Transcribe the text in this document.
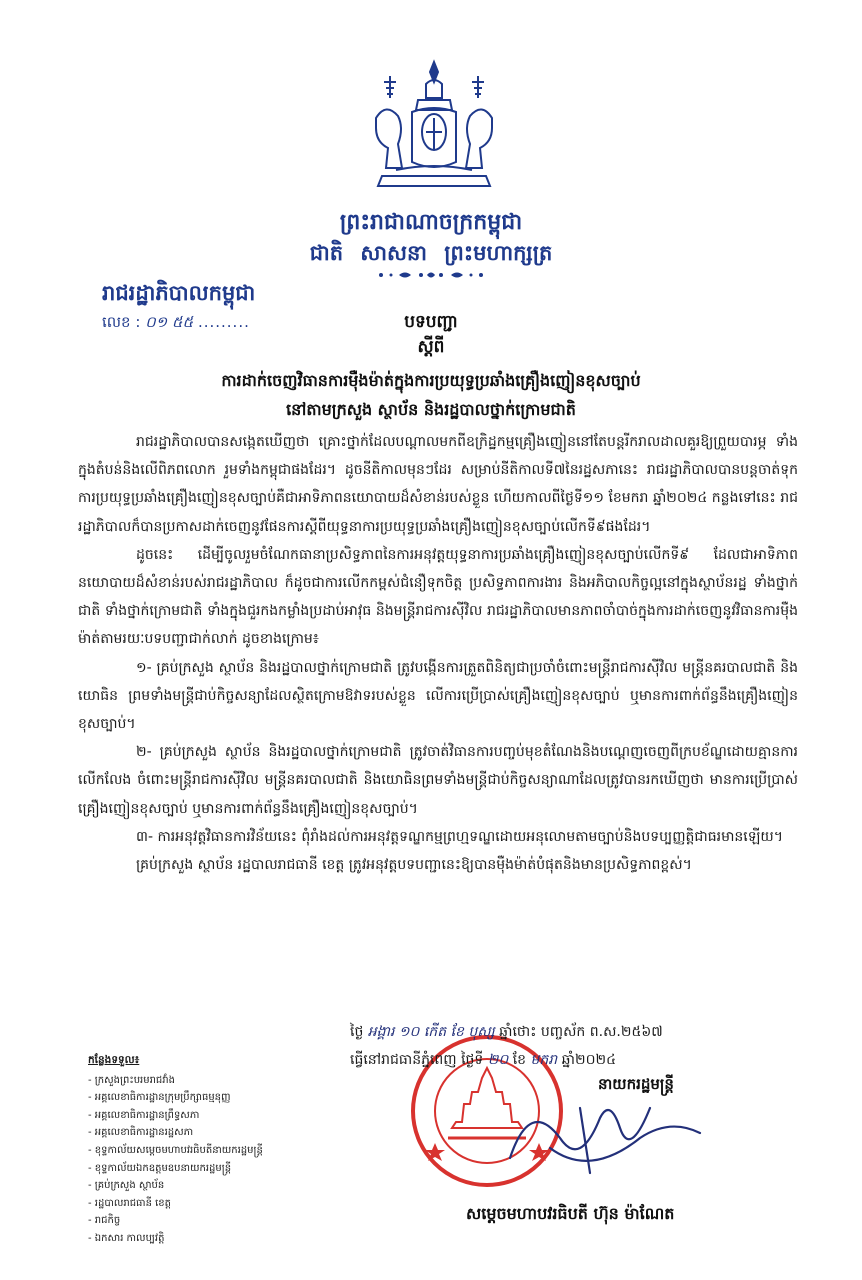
ព្រះរាជាណាចក្រកម្ពុជា
ជាតិ សាសនា ព្រះមហាក្សត្រ
រាជរដ្ឋាភិបាលកម្ពុជា
លេខ : ០១ ៥៥ .........	បទបញ្ជា
ស្តីពី
ការដាក់ចេញវិធានការម៉ឺងម៉ាត់ក្នុងការប្រយុទ្ធប្រឆាំងគ្រឿងញៀនខុសច្បាប់
នៅតាមក្រសួង ស្ថាប័ន និងរដ្ឋបាលថ្នាក់ក្រោមជាតិ

រាជរដ្ឋាភិបាលបានសង្កេតឃើញថា គ្រោះថ្នាក់ដែលបណ្តាលមកពីឧក្រិដ្ឋកម្មគ្រឿងញៀននៅតែបន្តរីករាលដាលគួរឱ្យព្រួយបារម្ភ ទាំងក្នុងតំបន់និងលើពិភពលោក រួមទាំងកម្ពុជាផងដែរ។ ដូចនីតិកាលមុនៗដែរ សម្រាប់នីតិកាលទី៧នៃរដ្ឋសភានេះ រាជរដ្ឋាភិបាលបានបន្តចាត់ទុកការប្រយុទ្ធប្រឆាំងគ្រឿងញៀនខុសច្បាប់គឺជាអាទិភាពនយោបាយដ៏សំខាន់របស់ខ្លួន ហើយកាលពីថ្ងៃទី១១ ខែមករា ឆ្នាំ២០២៤ កន្លងទៅនេះ រាជរដ្ឋាភិបាលក៏បានប្រកាសដាក់ចេញនូវផែនការស្តីពីយុទ្ធនាការប្រយុទ្ធប្រឆាំងគ្រឿងញៀនខុសច្បាប់លើកទី៩ផងដែរ។

ដូចនេះ ដើម្បីចូលរួមចំណែកធានាប្រសិទ្ធភាពនៃការអនុវត្តយុទ្ធនាការប្រឆាំងគ្រឿងញៀនខុសច្បាប់លើកទី៩ ដែលជាអាទិភាពនយោបាយដ៏សំខាន់របស់រាជរដ្ឋាភិបាល ក៏ដូចជាការលើកកម្ពស់ជំនឿទុកចិត្ត ប្រសិទ្ធភាពការងារ និងអភិបាលកិច្ចល្អនៅក្នុងស្ថាប័នរដ្ឋ ទាំងថ្នាក់ជាតិ ទាំងថ្នាក់ក្រោមជាតិ ទាំងក្នុងជួរកងកម្លាំងប្រដាប់អាវុធ និងមន្ត្រីរាជការស៊ីវិល រាជរដ្ឋាភិបាលមានភាពចាំបាច់ក្នុងការដាក់ចេញនូវវិធានការម៉ឺងម៉ាត់តាមរយៈបទបញ្ជាជាក់លាក់ ដូចខាងក្រោម៖

១- គ្រប់ក្រសួង ស្ថាប័ន និងរដ្ឋបាលថ្នាក់ក្រោមជាតិ ត្រូវបង្កើនការត្រួតពិនិត្យជាប្រចាំចំពោះមន្ត្រីរាជការស៊ីវិល មន្ត្រីនគរបាលជាតិ និងយោធិន ព្រមទាំងមន្ត្រីជាប់កិច្ចសន្យាដែលស្ថិតក្រោមឱវាទរបស់ខ្លួន លើការប្រើប្រាស់គ្រឿងញៀនខុសច្បាប់ ឬមានការពាក់ព័ន្ធនឹងគ្រឿងញៀនខុសច្បាប់។

២- គ្រប់ក្រសួង ស្ថាប័ន និងរដ្ឋបាលថ្នាក់ក្រោមជាតិ ត្រូវចាត់វិធានការបញ្ចប់មុខតំណែងនិងបណ្តេញចេញពីក្របខ័ណ្ឌដោយគ្មានការលើកលែង ចំពោះមន្ត្រីរាជការស៊ីវិល មន្ត្រីនគរបាលជាតិ និងយោធិនព្រមទាំងមន្ត្រីជាប់កិច្ចសន្យាណាដែលត្រូវបានរកឃើញថា មានការប្រើប្រាស់គ្រឿងញៀនខុសច្បាប់ ឬមានការពាក់ព័ន្ធនឹងគ្រឿងញៀនខុសច្បាប់។

៣- ការអនុវត្តវិធានការវិន័យនេះ ពុំរាំងដល់ការអនុវត្តទណ្ឌកម្មព្រហ្មទណ្ឌដោយអនុលោមតាមច្បាប់និងបទប្បញ្ញត្តិជាធរមានឡើយ។

គ្រប់ក្រសួង ស្ថាប័ន រដ្ឋបាលរាជធានី ខេត្ត ត្រូវអនុវត្តបទបញ្ជានេះឱ្យបានម៉ឺងម៉ាត់បំផុតនិងមានប្រសិទ្ធភាពខ្ពស់។

ថ្ងៃ អង្គារ ១០ កើត ខែ បុស្ស ឆ្នាំថោះ បញ្ចស័ក ព.ស.២៥៦៧
ធ្វើនៅរាជធានីភ្នំពេញ ថ្ងៃទី ២០ ខែ មករា ឆ្នាំ២០២៤
នាយករដ្ឋមន្ត្រី
សម្តេចមហាបវរធិបតី ហ៊ុន ម៉ាណែត
កន្លែងទទួល៖
- ក្រសួងព្រះបរមរាជវាំង
- អគ្គលេខាធិការដ្ឋានក្រុមប្រឹក្សាធម្មនុញ្ញ
- អគ្គលេខាធិការដ្ឋានព្រឹទ្ធសភា
- អគ្គលេខាធិការដ្ឋានរដ្ឋសភា
- ខុទ្ទកាល័យសម្តេចមហាបវរធិបតីនាយករដ្ឋមន្ត្រី
- ខុទ្ទកាល័យឯកឧត្តមឧបនាយករដ្ឋមន្ត្រី
- គ្រប់ក្រសួង ស្ថាប័ន
- រដ្ឋបាលរាជធានី ខេត្ត
- រាជកិច្ច
- ឯកសារ កាលប្បវត្តិ
